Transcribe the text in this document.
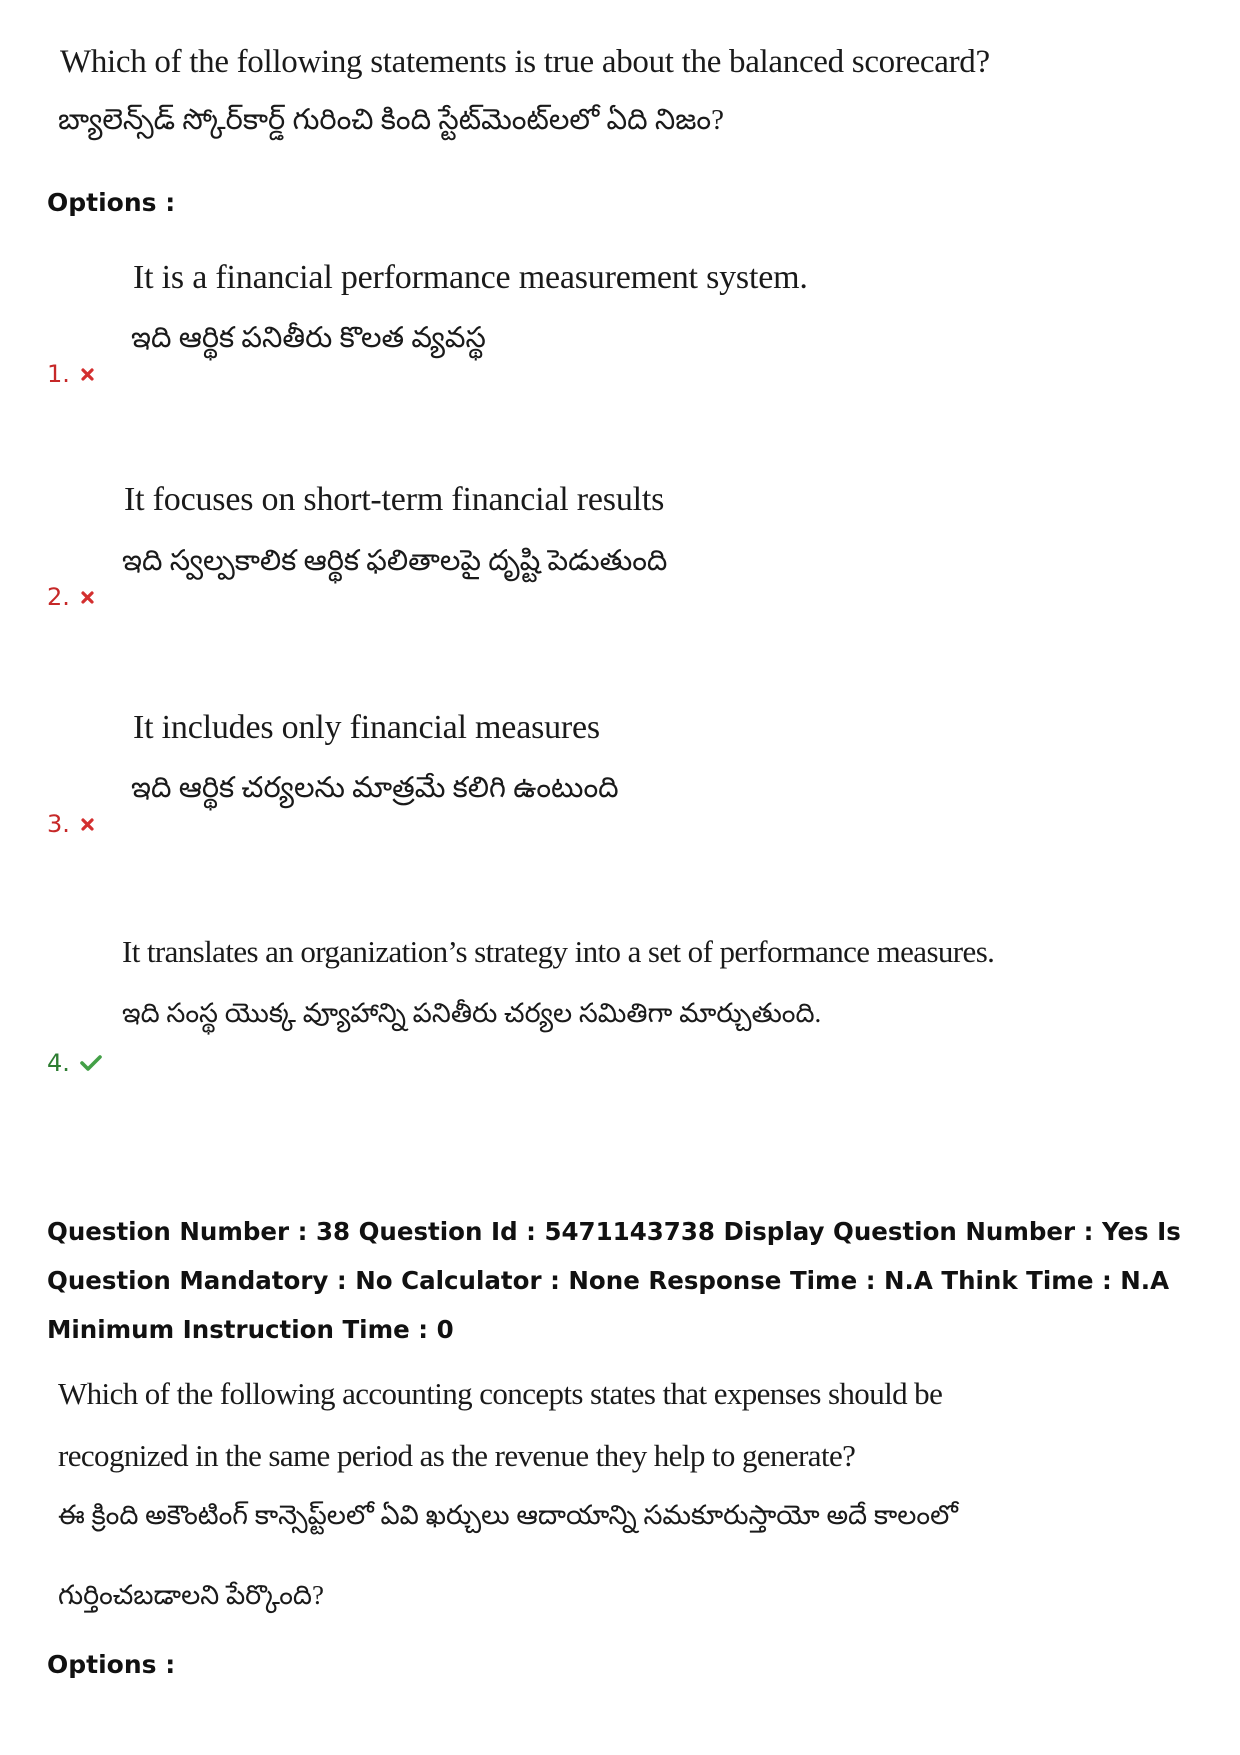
Which of the following statements is true about the balanced scorecard?
బ్యాలెన్స్‌డ్ స్కోర్‌కార్డ్ గురించి కింది స్టేట్‌మెంట్‌లలో ఏది నిజం?
Options :
It is a financial performance measurement system.
ఇది ఆర్థిక పనితీరు కొలత వ్యవస్థ
1.
It focuses on short-term financial results
ఇది స్వల్పకాలిక ఆర్థిక ఫలితాలపై దృష్టి పెడుతుంది
2.
It includes only financial measures
ఇది ఆర్థిక చర్యలను మాత్రమే కలిగి ఉంటుంది
3.
It translates an organization’s strategy into a set of performance measures.
ఇది సంస్థ యొక్క వ్యూహాన్ని పనితీరు చర్యల సమితిగా మార్చుతుంది.
4.
Question Number : 38 Question Id : 5471143738 Display Question Number : Yes Is Question Mandatory : No Calculator : None Response Time : N.A Think Time : N.A Minimum Instruction Time : 0
Which of the following accounting concepts states that expenses should be
recognized in the same period as the revenue they help to generate?
ఈ క్రింది అకౌంటింగ్ కాన్సెప్ట్‌లలో ఏవి ఖర్చులు ఆదాయాన్ని సమకూరుస్తాయో అదే కాలంలో
గుర్తించబడాలని పేర్కొంది?
Options :
